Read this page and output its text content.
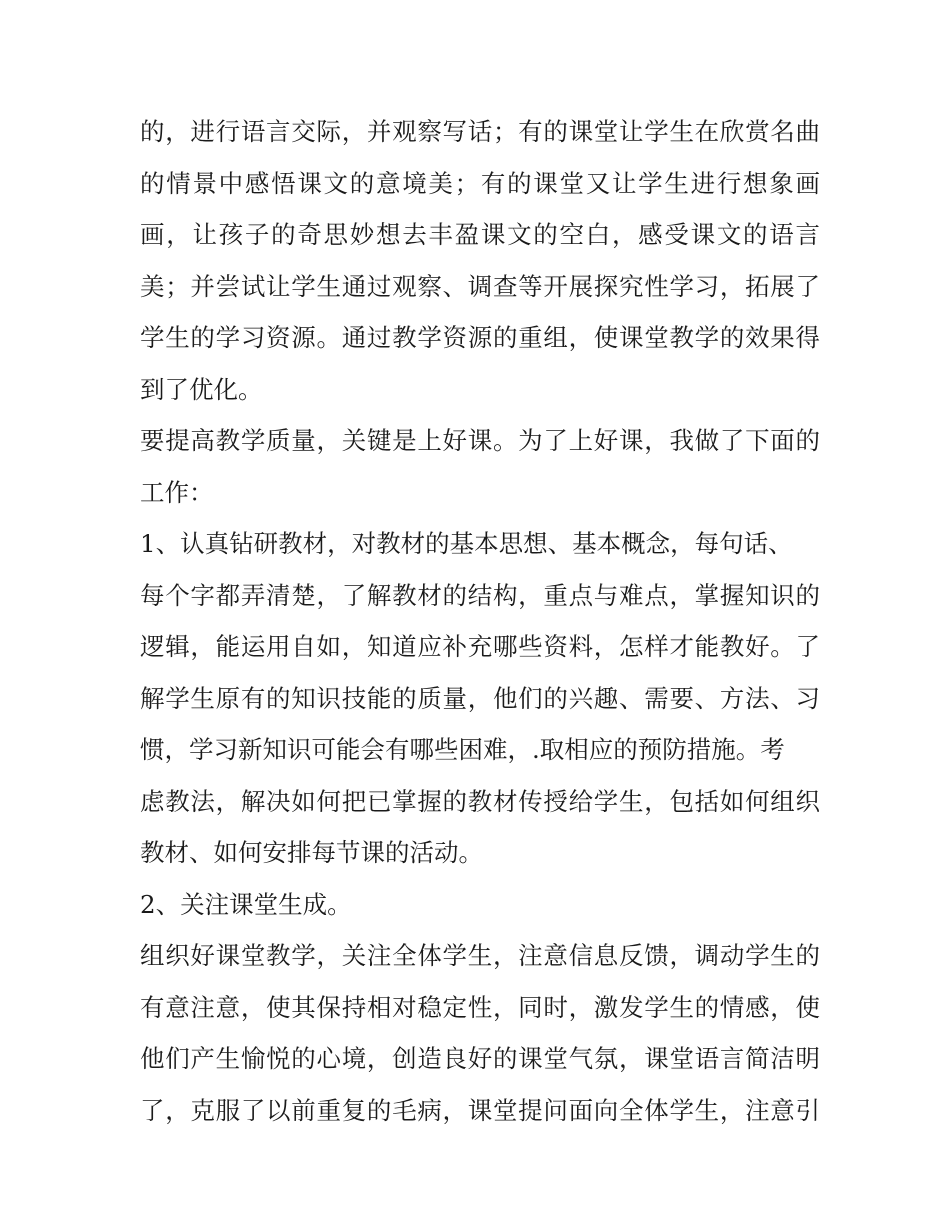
的，进行语言交际，并观察写话；有的课堂让学生在欣赏名曲
的情景中感悟课文的意境美；有的课堂又让学生进行想象画
画，让孩子的奇思妙想去丰盈课文的空白，感受课文的语言
美；并尝试让学生通过观察、调查等开展探究性学习，拓展了
学生的学习资源。通过教学资源的重组，使课堂教学的效果得
到了优化。
要提高教学质量，关键是上好课。为了上好课，我做了下面的
工作：
1、认真钻研教材，对教材的基本思想、基本概念，每句话、
每个字都弄清楚，了解教材的结构，重点与难点，掌握知识的
逻辑，能运用自如，知道应补充哪些资料，怎样才能教好。了
解学生原有的知识技能的质量，他们的兴趣、需要、方法、习
惯，学习新知识可能会有哪些困难，.取相应的预防措施。考
虑教法，解决如何把已掌握的教材传授给学生，包括如何组织
教材、如何安排每节课的活动。
2、关注课堂生成。
组织好课堂教学，关注全体学生，注意信息反馈，调动学生的
有意注意，使其保持相对稳定性，同时，激发学生的情感，使
他们产生愉悦的心境，创造良好的课堂气氛，课堂语言简洁明
了，克服了以前重复的毛病，课堂提问面向全体学生，注意引
